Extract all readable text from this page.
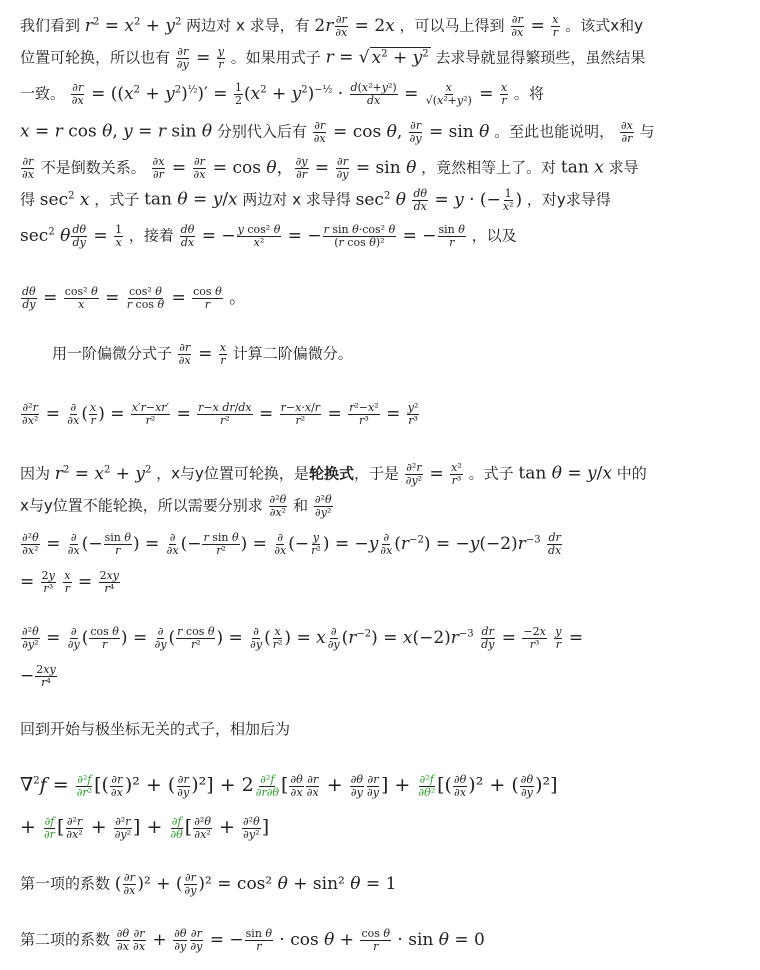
我们看到 $r^2 = x^2 + y^2$ 两边对 x 求导，有 $2r \frac{\partial r}{\partial x} = 2x$ ，可以马上得到 $\frac{\partial r}{\partial x} = \frac{x}{r}$ 。该式x和y
位置可轮换，所以也有 $\frac{\partial r}{\partial y} = \frac{y}{r}$ 。如果用式子 r = √ $x^2 + y^2$ 去求导就显得繁琐些，虽然结果
一致。 $\frac{\partial r}{\partial x} = ((x^2 + y^2)^{\frac{1}{2}})' = \frac{1}{2} (x^2 + y^2)^{-\frac{1}{2}} \cdot \frac{\text{d(x²+y²)}}{dx} = \frac{x}{\text{√(x²+y²)}} = \frac{x}{r}$ 。将
x = r cos θ, y = r sin θ 分别代入后有 $\frac{\partial r}{\partial x} = \cos \theta$, $\frac{\partial r}{\partial y} = \sin \theta$ 。至此也能说明， $\frac{\partial x}{\partial r}$ 与
$\frac{\partial r}{\partial x}$ 不是倒数关系。 $\frac{\partial x}{\partial r} = \frac{\partial r}{\partial x} = \cos \theta$， $\frac{\partial y}{\partial r} = \frac{\partial r}{\partial y} = \sin \theta$ ，竟然相等上了。对 tan x 求导
得 $\sec^2 x$ ，式子 tan θ = y/x 两边对 x 求导得 $\sec^2 \theta \frac{d\theta}{dx} = y$ · (− $\frac{1}{\text{x²}}$ ) ，对y求导得
$\sec^2 \theta \frac{d\theta}{dy} = \frac{1}{x}$ ，接着 $\frac{d\theta}{dx}$ = − $\frac{\text{y cos² θ}}{\text{x²}}$ = − $\frac{\text{r sin θ·cos² θ}}{\text{(r cos θ)²}}$ = − $\frac{\text{sin θ}}{r}$ ，以及
$\frac{d\theta}{dy} = \frac{\text{cos² θ}}{x} = \frac{\text{cos² θ}}{\text{r cos θ}} = \frac{\text{cos θ}}{r}$ 。
用一阶偏微分式子 $\frac{\partial r}{\partial x} = \frac{x}{r}$ 计算二阶偏微分。
$\frac{\text{∂²r}}{\text{∂x²}}$ = ∂
∂x ( $\frac{x}{r}$ ) = $\frac{x'r-xr'}{\text{r²}} = \frac{\text{r−x dr/dx}}{\text{r²}} = \frac{r-x\cdot x/r}{\text{r²}} = \frac{\text{r²−x²}}{\text{r³}} = \frac{\text{y²}}{\text{r³}}$
因为 $r^2 = x^2 + y^2$ ，x与y位置可轮换，是轮换式，于是 $\frac{\text{∂²r}}{\text{∂y²}} = \frac{\text{x²}}{\text{r³}}$ 。式子 tan θ = y/x 中的
x与y位置不能轮换，所以需要分别求 $\frac{\text{∂²θ}}{\text{∂x²}}$ 和 $\frac{\text{∂²θ}}{\text{∂y²}}$
$\frac{\text{∂²θ}}{\text{∂x²}}$ = ∂
∂x (− $\frac{\text{sin θ}}{r}$ ) = ∂
∂x (− $\frac{\text{r sin θ}}{\text{r²}}$ ) = ∂
∂x (− $\frac{y}{\text{r²}}$ ) = −y ∂
∂x $(r^{-2}) = -y(-2)r^{-3} \frac{dr}{dx}$
= $\frac{2y}{\text{r³}}$
$\frac{x}{r} = \frac{2xy}{\text{r⁴}}$
$\frac{\text{∂²θ}}{\text{∂y²}}$ = ∂
∂y ( $\frac{\text{cos θ}}{r}$ ) = ∂
∂y ( $\frac{\text{r cos θ}}{\text{r²}}$ ) = ∂
∂y ( $\frac{x}{\text{r²}}$ ) = x ∂
∂y $(r^{-2}) = x(-2)r^{-3} \frac{dr}{dy} = \frac{-2x}{\text{r³}}$
$\frac{y}{r}$ =
− $\frac{2xy}{\text{r⁴}}$
回到开始与极坐标无关的式子，相加后为
$\nabla^2f = \frac{\text{∂²f}}{\text{∂r²}}$ [( $\frac{\partial r}{\partial x} )^2$ + ( $\frac{\partial r}{\partial y} )^2] + 2 \frac{\text{∂²f}}{\partial r\partial\theta}$ [ $\frac{\partial\theta}{\partial x} \frac{\partial r}{\partial x} + \frac{\partial\theta}{\partial y} \frac{\partial r}{\partial y}$ ] + $\frac{\text{∂²f}}{\text{∂θ²}}$ [( $\frac{\partial\theta}{\partial x} )^2$ + ( $\frac{\partial\theta}{\partial y} )^2$]
+ $\frac{\partial f}{\partial r}$ [ $\frac{\text{∂²r}}{\text{∂x²}} + \frac{\text{∂²r}}{\text{∂y²}}$ ] + $\frac{\partial f}{\partial\theta}$ [ $\frac{\text{∂²θ}}{\text{∂x²}} + \frac{\text{∂²θ}}{\text{∂y²}}$ ]
第一项的系数 ( $\frac{\partial r}{\partial x} )^2$ + ( $\frac{\partial r}{\partial y} )^2 = \cos^2$ θ + sin² θ = 1
第二项的系数 $\frac{\partial\theta}{\partial x} \frac{\partial r}{\partial x} + \frac{\partial\theta}{\partial y} \frac{\partial r}{\partial y}$ = − $\frac{\text{sin θ}}{r} \cdot \cos \theta + \frac{\text{cos θ}}{r} \cdot \sin \theta = 0$
